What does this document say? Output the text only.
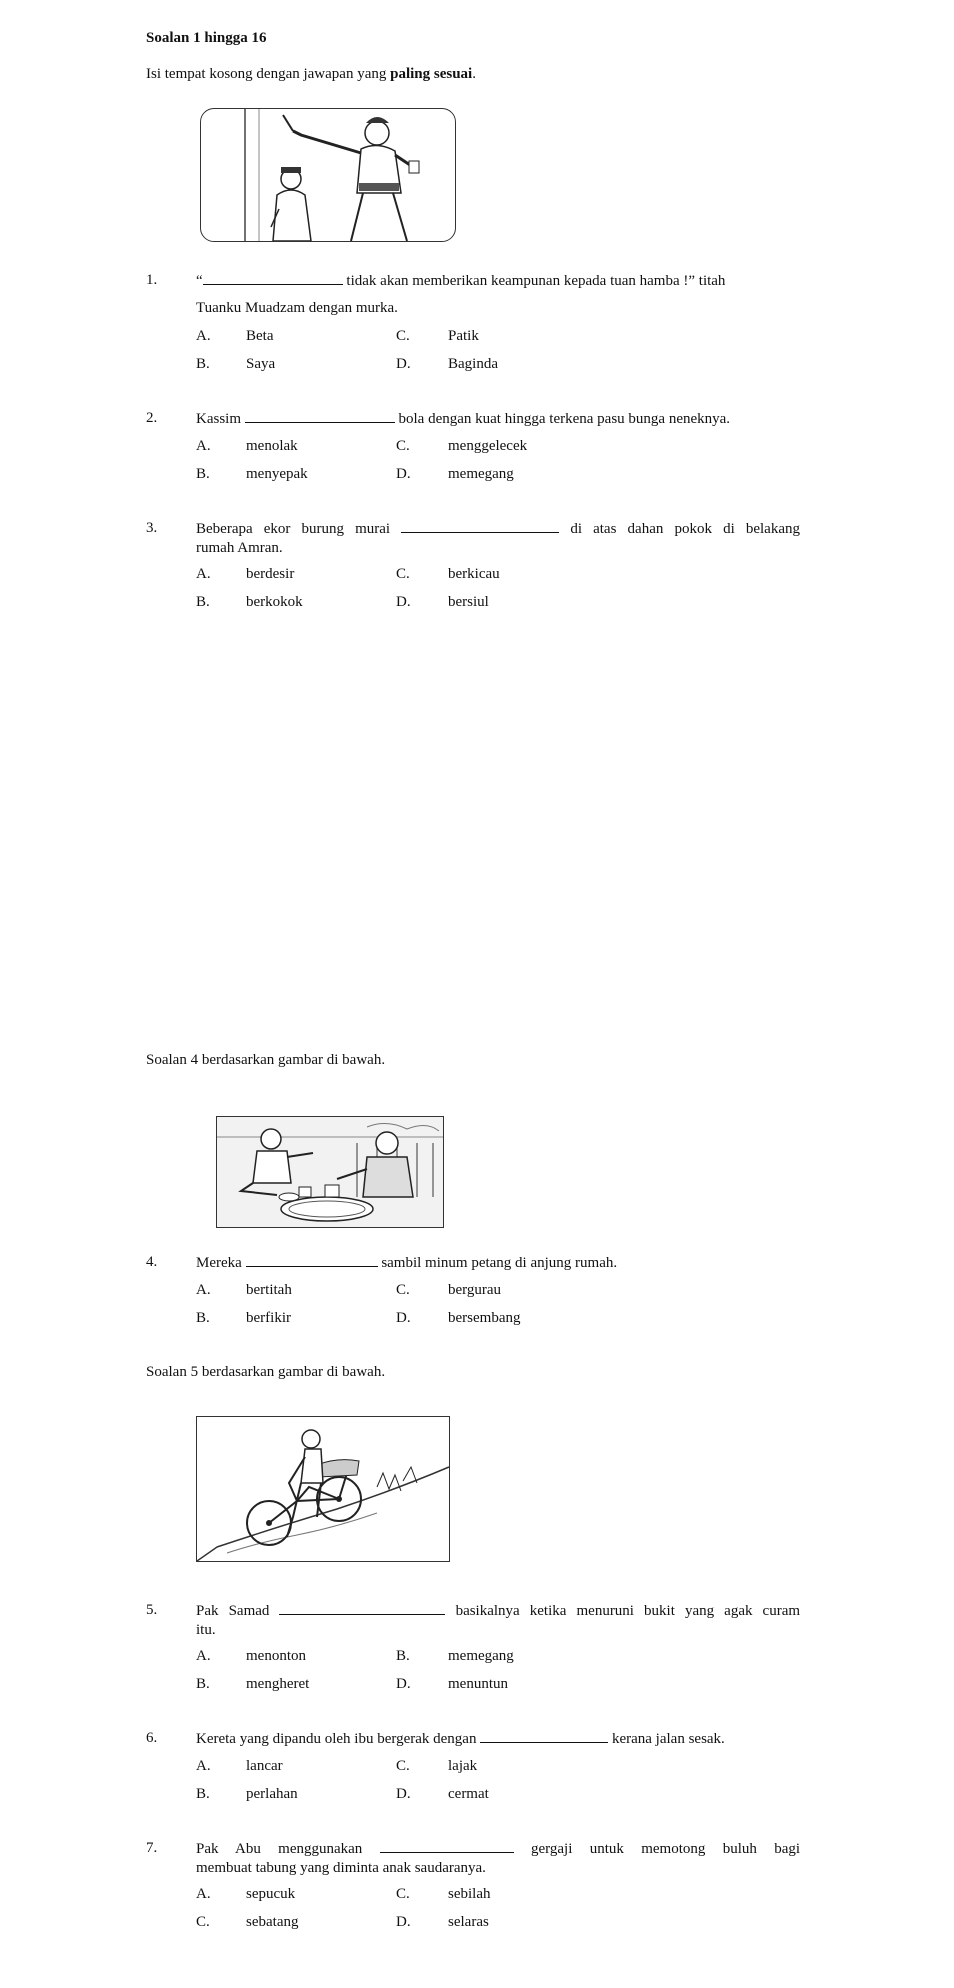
Soalan 1 hingga 16
Isi tempat kosong dengan jawapan yang paling sesuai.
1.	“	tidak akan memberikan keampunan kepada tuan hamba !” titah
Tuanku Muadzam dengan murka.
A. Beta	C.	Patik
B. Saya	D. Baginda
2.	Kassim	bola dengan kuat hingga terkena pasu bunga neneknya.
A. menolak	C.	menggelecek
B. menyepak	D. memegang
3.	Beberapa ekor burung murai	di atas dahan pokok di belakang
rumah Amran.
A. berdesir	C.	berkicau
B. berkokok	D. bersiul
Soalan 4 berdasarkan gambar di bawah.
4.	Mereka	sambil minum petang di anjung rumah.
A. bertitah	C.	bergurau
B. berfikir	D. bersembang
Soalan 5 berdasarkan gambar di bawah.
5.	Pak Samad	basikalnya ketika menuruni bukit yang agak curam
itu.
A. menonton	B.	memegang
B. mengheret	D. menuntun
6.	Kereta yang dipandu oleh ibu bergerak dengan	kerana jalan sesak.
A. lancar	C.	lajak
B. perlahan	D. cermat
7.	Pak Abu menggunakan	gergaji untuk memotong buluh bagi
membuat tabung yang diminta anak saudaranya.
A. sepucuk	C.	sebilah
C. sebatang	D. selaras
